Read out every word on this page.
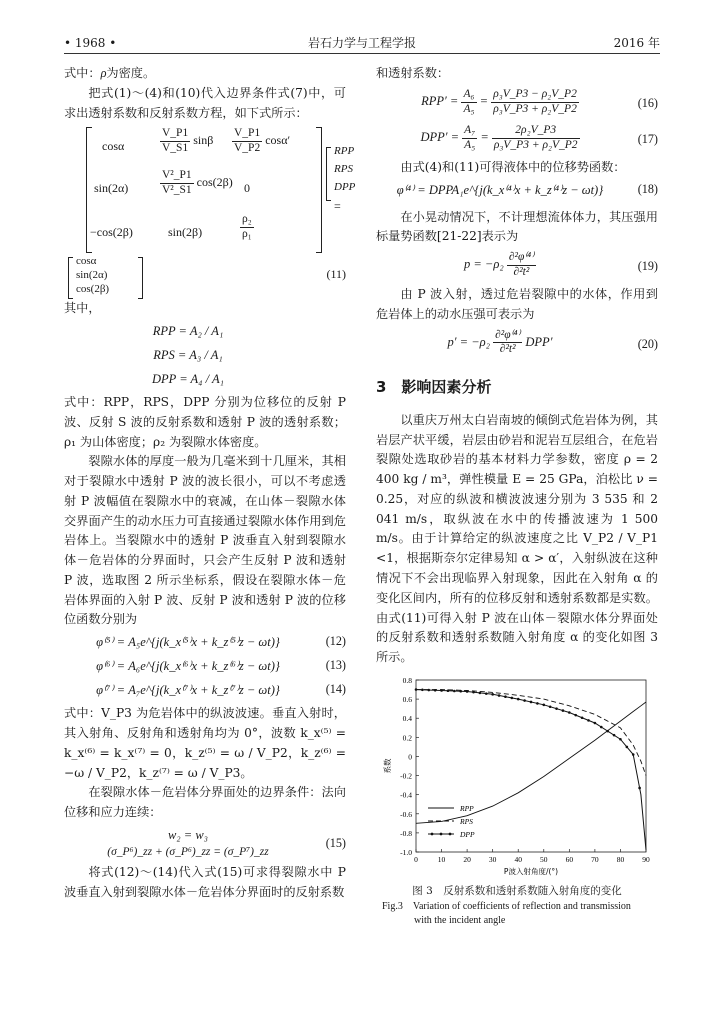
• 1968 •	岩石力学与工程学报	2016 年

式中：ρ为密度。

把式(1)～(4)和(10)代入边界条件式(7)中，可求出透射系数和反射系数方程，如下式所示：

cosα	$\frac{V\_P1}{V\_S1}$ sinβ $\frac{V\_P1}{V\_P2} \cos\alpha'$
sin(2α)	$\frac{\text{V²\_P1}}{\text{V²\_S1}} \cos(2\beta)$ 0
−cos(2β)	sin(2β)	$\frac{\text{ρ₂}}{\text{ρ₁}}$
RPP
RPS
DPP
=
cosα
sin(2α)
cos(2β)
(11)

其中，

RPP = A₂ / A₁
RPS = A₃ / A₁
DPP = A₄ / A₁

式中：RPP，RPS，DPP 分别为位移位的反射 P 波、反射 S 波的反射系数和透射 P 波的透射系数；ρ₁ 为山体密度；ρ₂ 为裂隙水体密度。

裂隙水体的厚度一般为几毫米到十几厘米，其相对于裂隙水中透射 P 波的波长很小，可以不考虑透射 P 波幅值在裂隙水中的衰减，在山体－裂隙水体交界面产生的动水压力可直接通过裂隙水体作用到危岩体上。当裂隙水中的透射 P 波垂直入射到裂隙水体－危岩体的分界面时，只会产生反射 P 波和透射 P 波，选取图 2 所示坐标系，假设在裂隙水体－危岩体界面的入射 P 波、反射 P 波和透射 P 波的位移位函数分别为

φ⁽⁵⁾ = A₅e^{j(k_x⁽⁵⁾x + k_z⁽⁵⁾z − ωt)}	(12)
φ⁽⁶⁾ = A₆e^{j(k_x⁽⁶⁾x + k_z⁽⁶⁾z − ωt)}	(13)
φ⁽⁷⁾ = A₇e^{j(k_x⁽⁷⁾x + k_z⁽⁷⁾z − ωt)}	(14)

式中：V_P3 为危岩体中的纵波波速。垂直入射时，其入射角、反射角和透射角均为 0°，波数 k_x⁽⁵⁾ = k_x⁽⁶⁾ = k_x⁽⁷⁾ = 0，k_z⁽⁵⁾ = ω / V_P2，k_z⁽⁶⁾ = −ω / V_P2，k_z⁽⁷⁾ = ω / V_P3。

在裂隙水体－危岩体分界面处的边界条件：法向位移和应力连续：

w₂ = w₃
(σ_P⁶)_zz + (σ_P⁶)_zz = (σ_P⁷)_zz
(15)

将式(12)～(14)代入式(15)可求得裂隙水中 P 波垂直入射到裂隙水体－危岩体分界面时的反射系数

和透射系数：

$RPP' = \frac{\text{A₆}}{\text{A₅}} = \frac{\text{ρ₃V\_P3 − ρ₂V\_P2}}{\text{ρ₃V\_P3 + ρ₂V\_P2}}$	(16)
$DPP' = \frac{\text{A₇}}{\text{A₅}} = \frac{\text{2ρ₂V\_P3}}{\text{ρ₃V\_P3 + ρ₂V\_P2}}$	(17)

由式(4)和(11)可得液体中的位移势函数：

φ⁽⁴⁾ = DPPA₁e^{j(k_x⁽⁴⁾x + k_z⁽⁴⁾z − ωt)}	(18)

在小晃动情况下，不计理想流体体力，其压强用标量势函数[21-22]表示为

$p = -\rho_2 \frac{\text{∂²φ⁽⁴⁾}}{\text{∂²t²}}$	(19)

由 P 波入射，透过危岩裂隙中的水体，作用到危岩体上的动水压强可表示为

$p' = -\rho_2 \frac{\text{∂²φ⁽⁴⁾}}{\text{∂²t²}} DPP'$	(20)
3　影响因素分析

以重庆万州太白岩南坡的倾倒式危岩体为例，其岩层产状平缓，岩层由砂岩和泥岩互层组合，在危岩裂隙处选取砂岩的基本材料力学参数，密度 ρ = 2 400 kg / m³，弹性模量 E = 25 GPa，泊松比 ν = 0.25，对应的纵波和横波波速分别为 3 535 和 2 041 m/s，取纵波在水中的传播波速为 1 500 m/s。由于计算给定的纵波速度之比 V_P2 / V_P1 <1，根据斯奈尔定律易知 α > α′，入射纵波在这种情况下不会出现临界入射现象，因此在入射角 α 的变化区间内，所有的位移反射和透射系数都是实数。由式(11)可得入射 P 波在山体－裂隙水体分界面处的反射系数和透射系数随入射角度 α 的变化如图 3 所示。

0.8
0.6
0.4
0.2
0
-0.2
-0.4
-0.6
-0.8
-1.0
0	10 20 30 40 50 60 70 80 90
P波入射角度/(°)
系数
RPP
RPS
DPP
图 3　反射系数和透射系数随入射角度的变化
Fig.3　Variation of coefficients of reflection and transmission
with the incident angle
